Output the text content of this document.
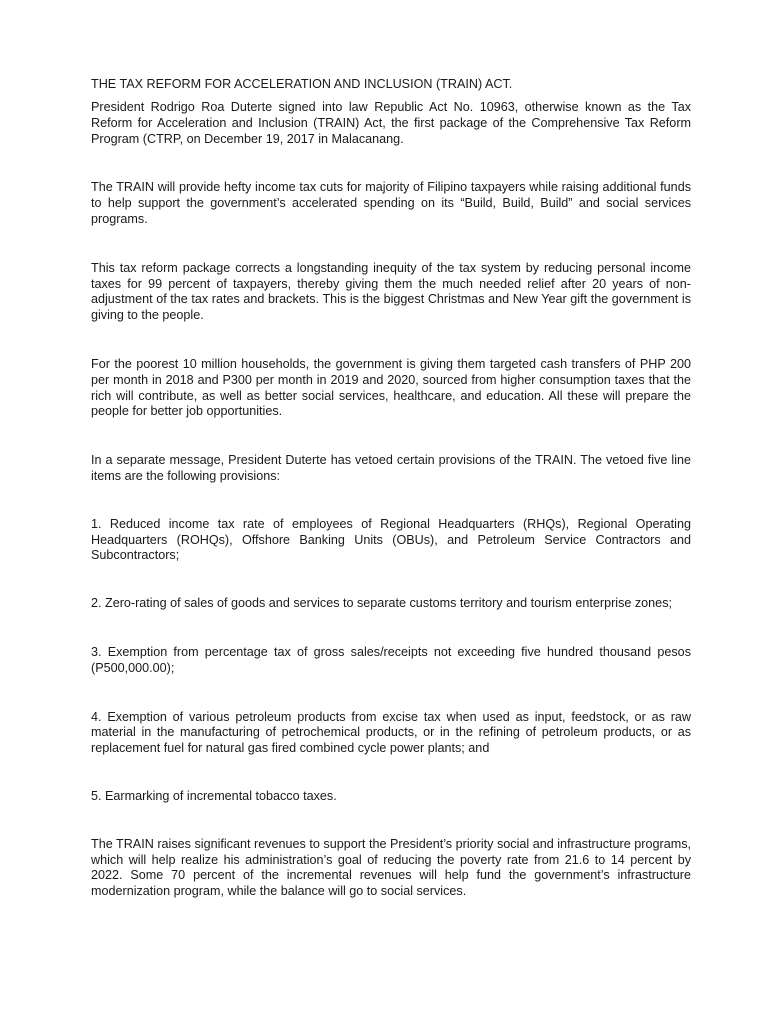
THE TAX REFORM FOR ACCELERATION AND INCLUSION (TRAIN) ACT.

President Rodrigo Roa Duterte signed into law Republic Act No. 10963, otherwise known as the Tax Reform for Acceleration and Inclusion (TRAIN) Act, the first package of the Comprehensive Tax Reform Program (CTRP, on December 19, 2017 in Malacanang.

The TRAIN will provide hefty income tax cuts for majority of Filipino taxpayers while raising additional funds to help support the government’s accelerated spending on its “Build, Build, Build” and social services programs.

This tax reform package corrects a longstanding inequity of the tax system by reducing personal income taxes for 99 percent of taxpayers, thereby giving them the much needed relief after 20 years of non-adjustment of the tax rates and brackets. This is the biggest Christmas and New Year gift the government is giving to the people.

For the poorest 10 million households, the government is giving them targeted cash transfers of PHP 200 per month in 2018 and P300 per month in 2019 and 2020, sourced from higher consumption taxes that the rich will contribute, as well as better social services, healthcare, and education. All these will prepare the people for better job opportunities.

In a separate message, President Duterte has vetoed certain provisions of the TRAIN. The vetoed five line items are the following provisions:

1. Reduced income tax rate of employees of Regional Headquarters (RHQs), Regional Operating Headquarters (ROHQs), Offshore Banking Units (OBUs), and Petroleum Service Contractors and Subcontractors;

2. Zero-rating of sales of goods and services to separate customs territory and tourism enterprise zones;

3. Exemption from percentage tax of gross sales/receipts not exceeding five hundred thousand pesos (P500,000.00);

4. Exemption of various petroleum products from excise tax when used as input, feedstock, or as raw material in the manufacturing of petrochemical products, or in the refining of petroleum products, or as replacement fuel for natural gas fired combined cycle power plants; and

5. Earmarking of incremental tobacco taxes.

The TRAIN raises significant revenues to support the President’s priority social and infrastructure programs, which will help realize his administration’s goal of reducing the poverty rate from 21.6 to 14 percent by 2022. Some 70 percent of the incremental revenues will help fund the government’s infrastructure modernization program, while the balance will go to social services.
